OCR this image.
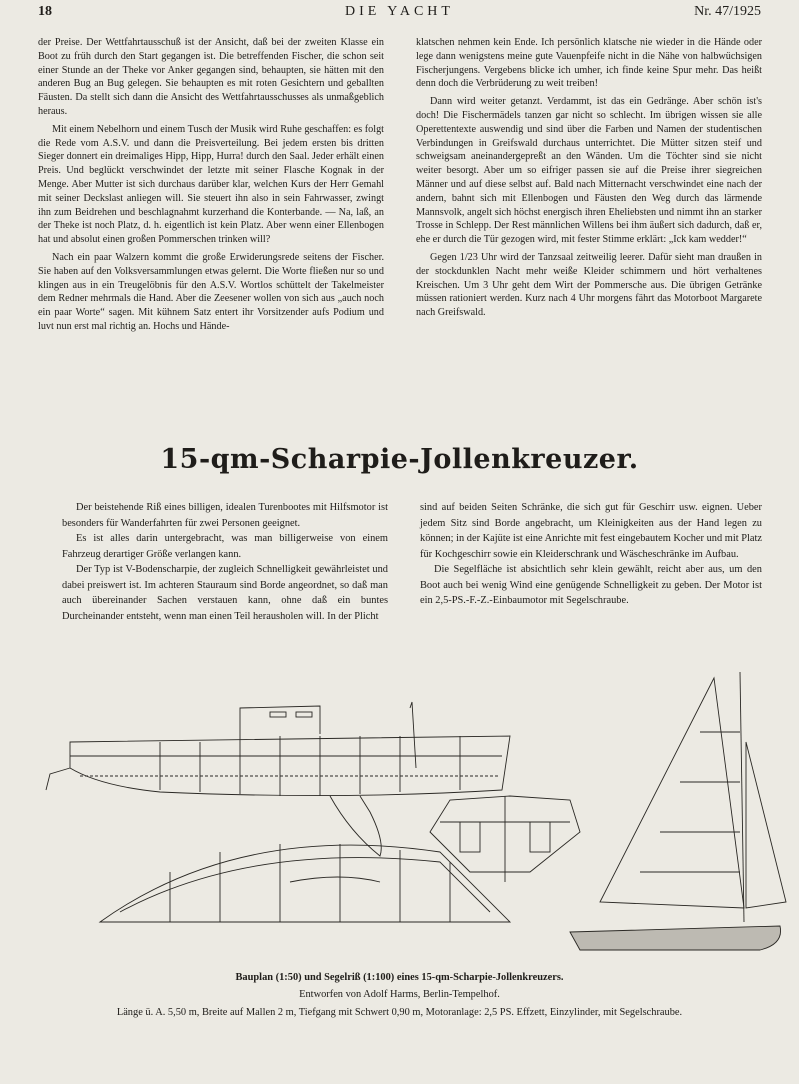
18	DIE YACHT	Nr. 47/1925

der Preise. Der Wettfahrtausschuß ist der Ansicht, daß bei der zweiten Klasse ein Boot zu früh durch den Start gegangen ist. Die betreffenden Fischer, die schon seit einer Stunde an der Theke vor Anker gegangen sind, behaupten, sie hätten mit den anderen Bug an Bug gelegen. Sie behaupten es mit roten Gesichtern und geballten Fäusten. Da stellt sich dann die Ansicht des Wettfahrtausschusses als unmaßgeblich heraus.

Mit einem Nebelhorn und einem Tusch der Musik wird Ruhe geschaffen: es folgt die Rede vom A.S.V. und dann die Preisverteilung. Bei jedem ersten bis dritten Sieger donnert ein dreimaliges Hipp, Hipp, Hurra! durch den Saal. Jeder erhält einen Preis. Und beglückt verschwindet der letzte mit seiner Flasche Kognak in der Menge. Aber Mutter ist sich durchaus darüber klar, welchen Kurs der Herr Gemahl mit seiner Deckslast anliegen will. Sie steuert ihn also in sein Fahrwasser, zwingt ihn zum Beidrehen und beschlagnahmt kurzerhand die Konterbande. — Na, laß, an der Theke ist noch Platz, d. h. eigentlich ist kein Platz. Aber wenn einer Ellenbogen hat und absolut einen großen Pommerschen trinken will?

Nach ein paar Walzern kommt die große Erwiderungsrede seitens der Fischer. Sie haben auf den Volksversammlungen etwas gelernt. Die Worte fließen nur so und klingen aus in ein Treugelöbnis für den A.S.V. Wortlos schüttelt der Takelmeister dem Redner mehrmals die Hand. Aber die Zeesener wollen von sich aus „auch noch ein paar Worte“ sagen. Mit kühnem Satz entert ihr Vorsitzender aufs Podium und luvt nun erst mal richtig an. Hochs und Hände-

klatschen nehmen kein Ende. Ich persönlich klatsche nie wieder in die Hände oder lege dann wenigstens meine gute Vauenpfeife nicht in die Nähe von halbwüchsigen Fischerjungens. Vergebens blicke ich umher, ich finde keine Spur mehr. Das heißt denn doch die Verbrüderung zu weit treiben!

Dann wird weiter getanzt. Verdammt, ist das ein Gedränge. Aber schön ist's doch! Die Fischermädels tanzen gar nicht so schlecht. Im übrigen wissen sie alle Operettentexte auswendig und sind über die Farben und Namen der studentischen Verbindungen in Greifswald durchaus unterrichtet. Die Mütter sitzen steif und schweigsam aneinandergepreßt an den Wänden. Um die Töchter sind sie nicht weiter besorgt. Aber um so eifriger passen sie auf die Preise ihrer siegreichen Männer und auf diese selbst auf. Bald nach Mitternacht verschwindet eine nach der andern, bahnt sich mit Ellenbogen und Fäusten den Weg durch das lärmende Mannsvolk, angelt sich höchst energisch ihren Eheliebsten und nimmt ihn an starker Trosse in Schlepp. Der Rest männlichen Willens bei ihm äußert sich dadurch, daß er, ehe er durch die Tür gezogen wird, mit fester Stimme erklärt: „Ick kam wedder!“

Gegen 1/23 Uhr wird der Tanzsaal zeitweilig leerer. Dafür sieht man draußen in der stockdunklen Nacht mehr weiße Kleider schimmern und hört verhaltenes Kreischen. Um 3 Uhr geht dem Wirt der Pommersche aus. Die übrigen Getränke müssen rationiert werden. Kurz nach 4 Uhr morgens fährt das Motorboot Margarete nach Greifswald.

15-qm-Scharpie-Jollenkreuzer.

Der beistehende Riß eines billigen, idealen Turenbootes mit Hilfsmotor ist besonders für Wanderfahrten für zwei Personen geeignet.

Es ist alles darin untergebracht, was man billigerweise von einem Fahrzeug derartiger Größe verlangen kann.

Der Typ ist V-Bodenscharpie, der zugleich Schnelligkeit gewährleistet und dabei preiswert ist. Im achteren Stauraum sind Borde angeordnet, so daß man auch übereinander Sachen verstauen kann, ohne daß ein buntes Durcheinander entsteht, wenn man einen Teil herausholen will. In der Plicht

sind auf beiden Seiten Schränke, die sich gut für Geschirr usw. eignen. Ueber jedem Sitz sind Borde angebracht, um Kleinigkeiten aus der Hand legen zu können; in der Kajüte ist eine Anrichte mit fest eingebautem Kocher und mit Platz für Kochgeschirr sowie ein Kleiderschrank und Wäscheschränke im Aufbau.

Die Segelfläche ist absichtlich sehr klein gewählt, reicht aber aus, um den Boot auch bei wenig Wind eine genügende Schnelligkeit zu geben. Der Motor ist ein 2,5-PS.-F.-Z.-Einbaumotor mit Segelschraube.

Bauplan (1:50) und Segelriß (1:100) eines 15-qm-Scharpie-Jollenkreuzers.
Entworfen von Adolf Harms, Berlin-Tempelhof.
Länge ü. A. 5,50 m, Breite auf Mallen 2 m, Tiefgang mit Schwert 0,90 m, Motoranlage: 2,5 PS. Effzett, Einzylinder, mit Segelschraube.
